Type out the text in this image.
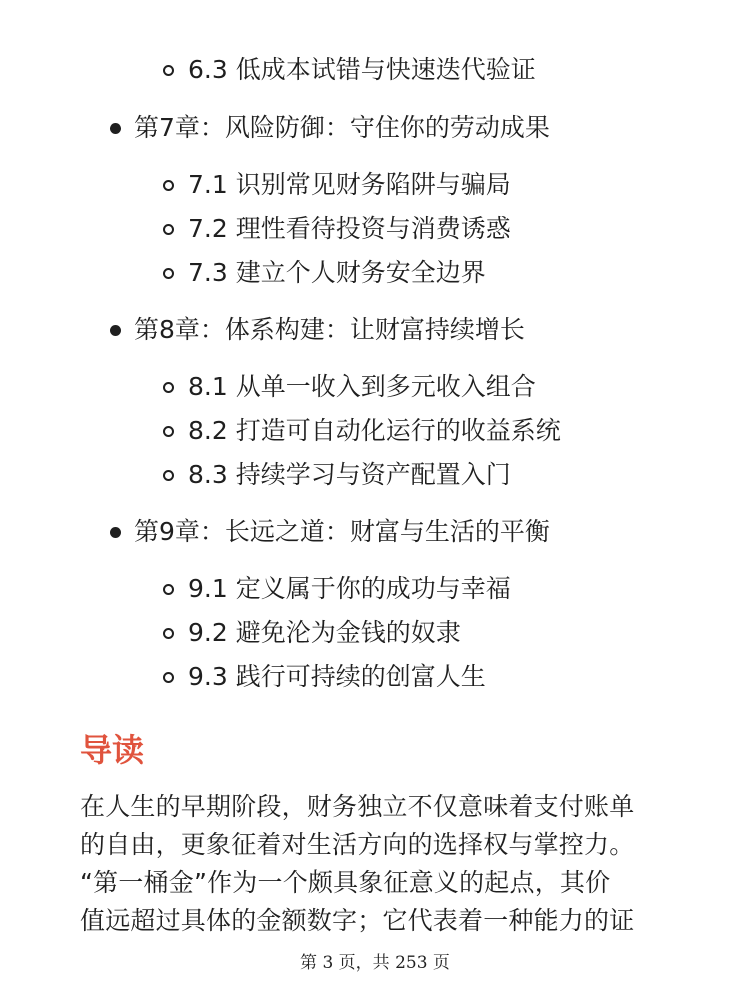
6.3 低成本试错与快速迭代验证
第7章：风险防御：守住你的劳动成果
7.1 识别常见财务陷阱与骗局
7.2 理性看待投资与消费诱惑
7.3 建立个人财务安全边界
第8章：体系构建：让财富持续增长
8.1 从单一收入到多元收入组合
8.2 打造可自动化运行的收益系统
8.3 持续学习与资产配置入门
第9章：长远之道：财富与生活的平衡
9.1 定义属于你的成功与幸福
9.2 避免沦为金钱的奴隶
9.3 践行可持续的创富人生
导读
在人生的早期阶段，财务独立不仅意味着支付账单
的自由，更象征着对生活方向的选择权与掌控力。
“第一桶金”作为一个颇具象征意义的起点，其价
值远超过具体的金额数字；它代表着一种能力的证
第 3 页，共 253 页
